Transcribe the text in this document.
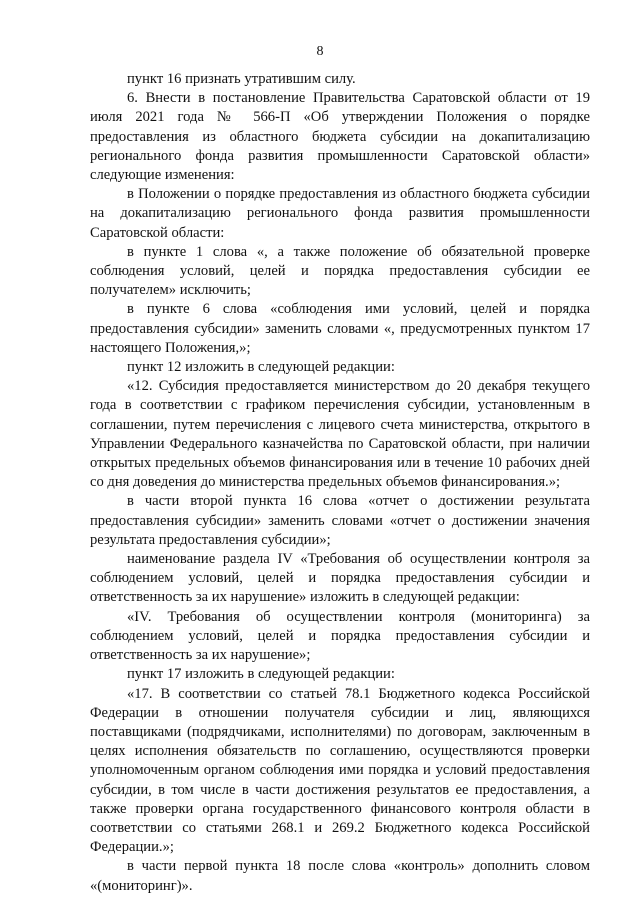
8

пункт 16 признать утратившим силу.

6. Внести в постановление Правительства Саратовской области от 19 июля 2021 года № 566-П «Об утверждении Положения о порядке предоставления из областного бюджета субсидии на докапитализацию регионального фонда развития промышленности Саратовской области» следующие изменения:

в Положении о порядке предоставления из областного бюджета субсидии на докапитализацию регионального фонда развития промышленности Саратовской области:

в пункте 1 слова «, а также положение об обязательной проверке соблюдения условий, целей и порядка предоставления субсидии ее получателем» исключить;

в пункте 6 слова «соблюдения ими условий, целей и порядка предоставления субсидии» заменить словами «, предусмотренных пунктом 17 настоящего Положения,»;

пункт 12 изложить в следующей редакции:

«12. Субсидия предоставляется министерством до 20 декабря текущего года в соответствии с графиком перечисления субсидии, установленным в соглашении, путем перечисления с лицевого счета министерства, открытого в Управлении Федерального казначейства по Саратовской области, при наличии открытых предельных объемов финансирования или в течение 10 рабочих дней со дня доведения до министерства предельных объемов финансирования.»;

в части второй пункта 16 слова «отчет о достижении результата предоставления субсидии» заменить словами «отчет о достижении значения результата предоставления субсидии»;

наименование раздела IV «Требования об осуществлении контроля за соблюдением условий, целей и порядка предоставления субсидии и ответственность за их нарушение» изложить в следующей редакции:

«IV. Требования об осуществлении контроля (мониторинга) за соблюдением условий, целей и порядка предоставления субсидии и ответственность за их нарушение»;

пункт 17 изложить в следующей редакции:

«17. В соответствии со статьей 78.1 Бюджетного кодекса Российской Федерации в отношении получателя субсидии и лиц, являющихся поставщиками (подрядчиками, исполнителями) по договорам, заключенным в целях исполнения обязательств по соглашению, осуществляются проверки уполномоченным органом соблюдения ими порядка и условий предоставления субсидии, в том числе в части достижения результатов ее предоставления, а также проверки органа государственного финансового контроля области в соответствии со статьями 268.1 и 269.2 Бюджетного кодекса Российской Федерации.»;

в части первой пункта 18 после слова «контроль» дополнить словом «(мониторинг)».
